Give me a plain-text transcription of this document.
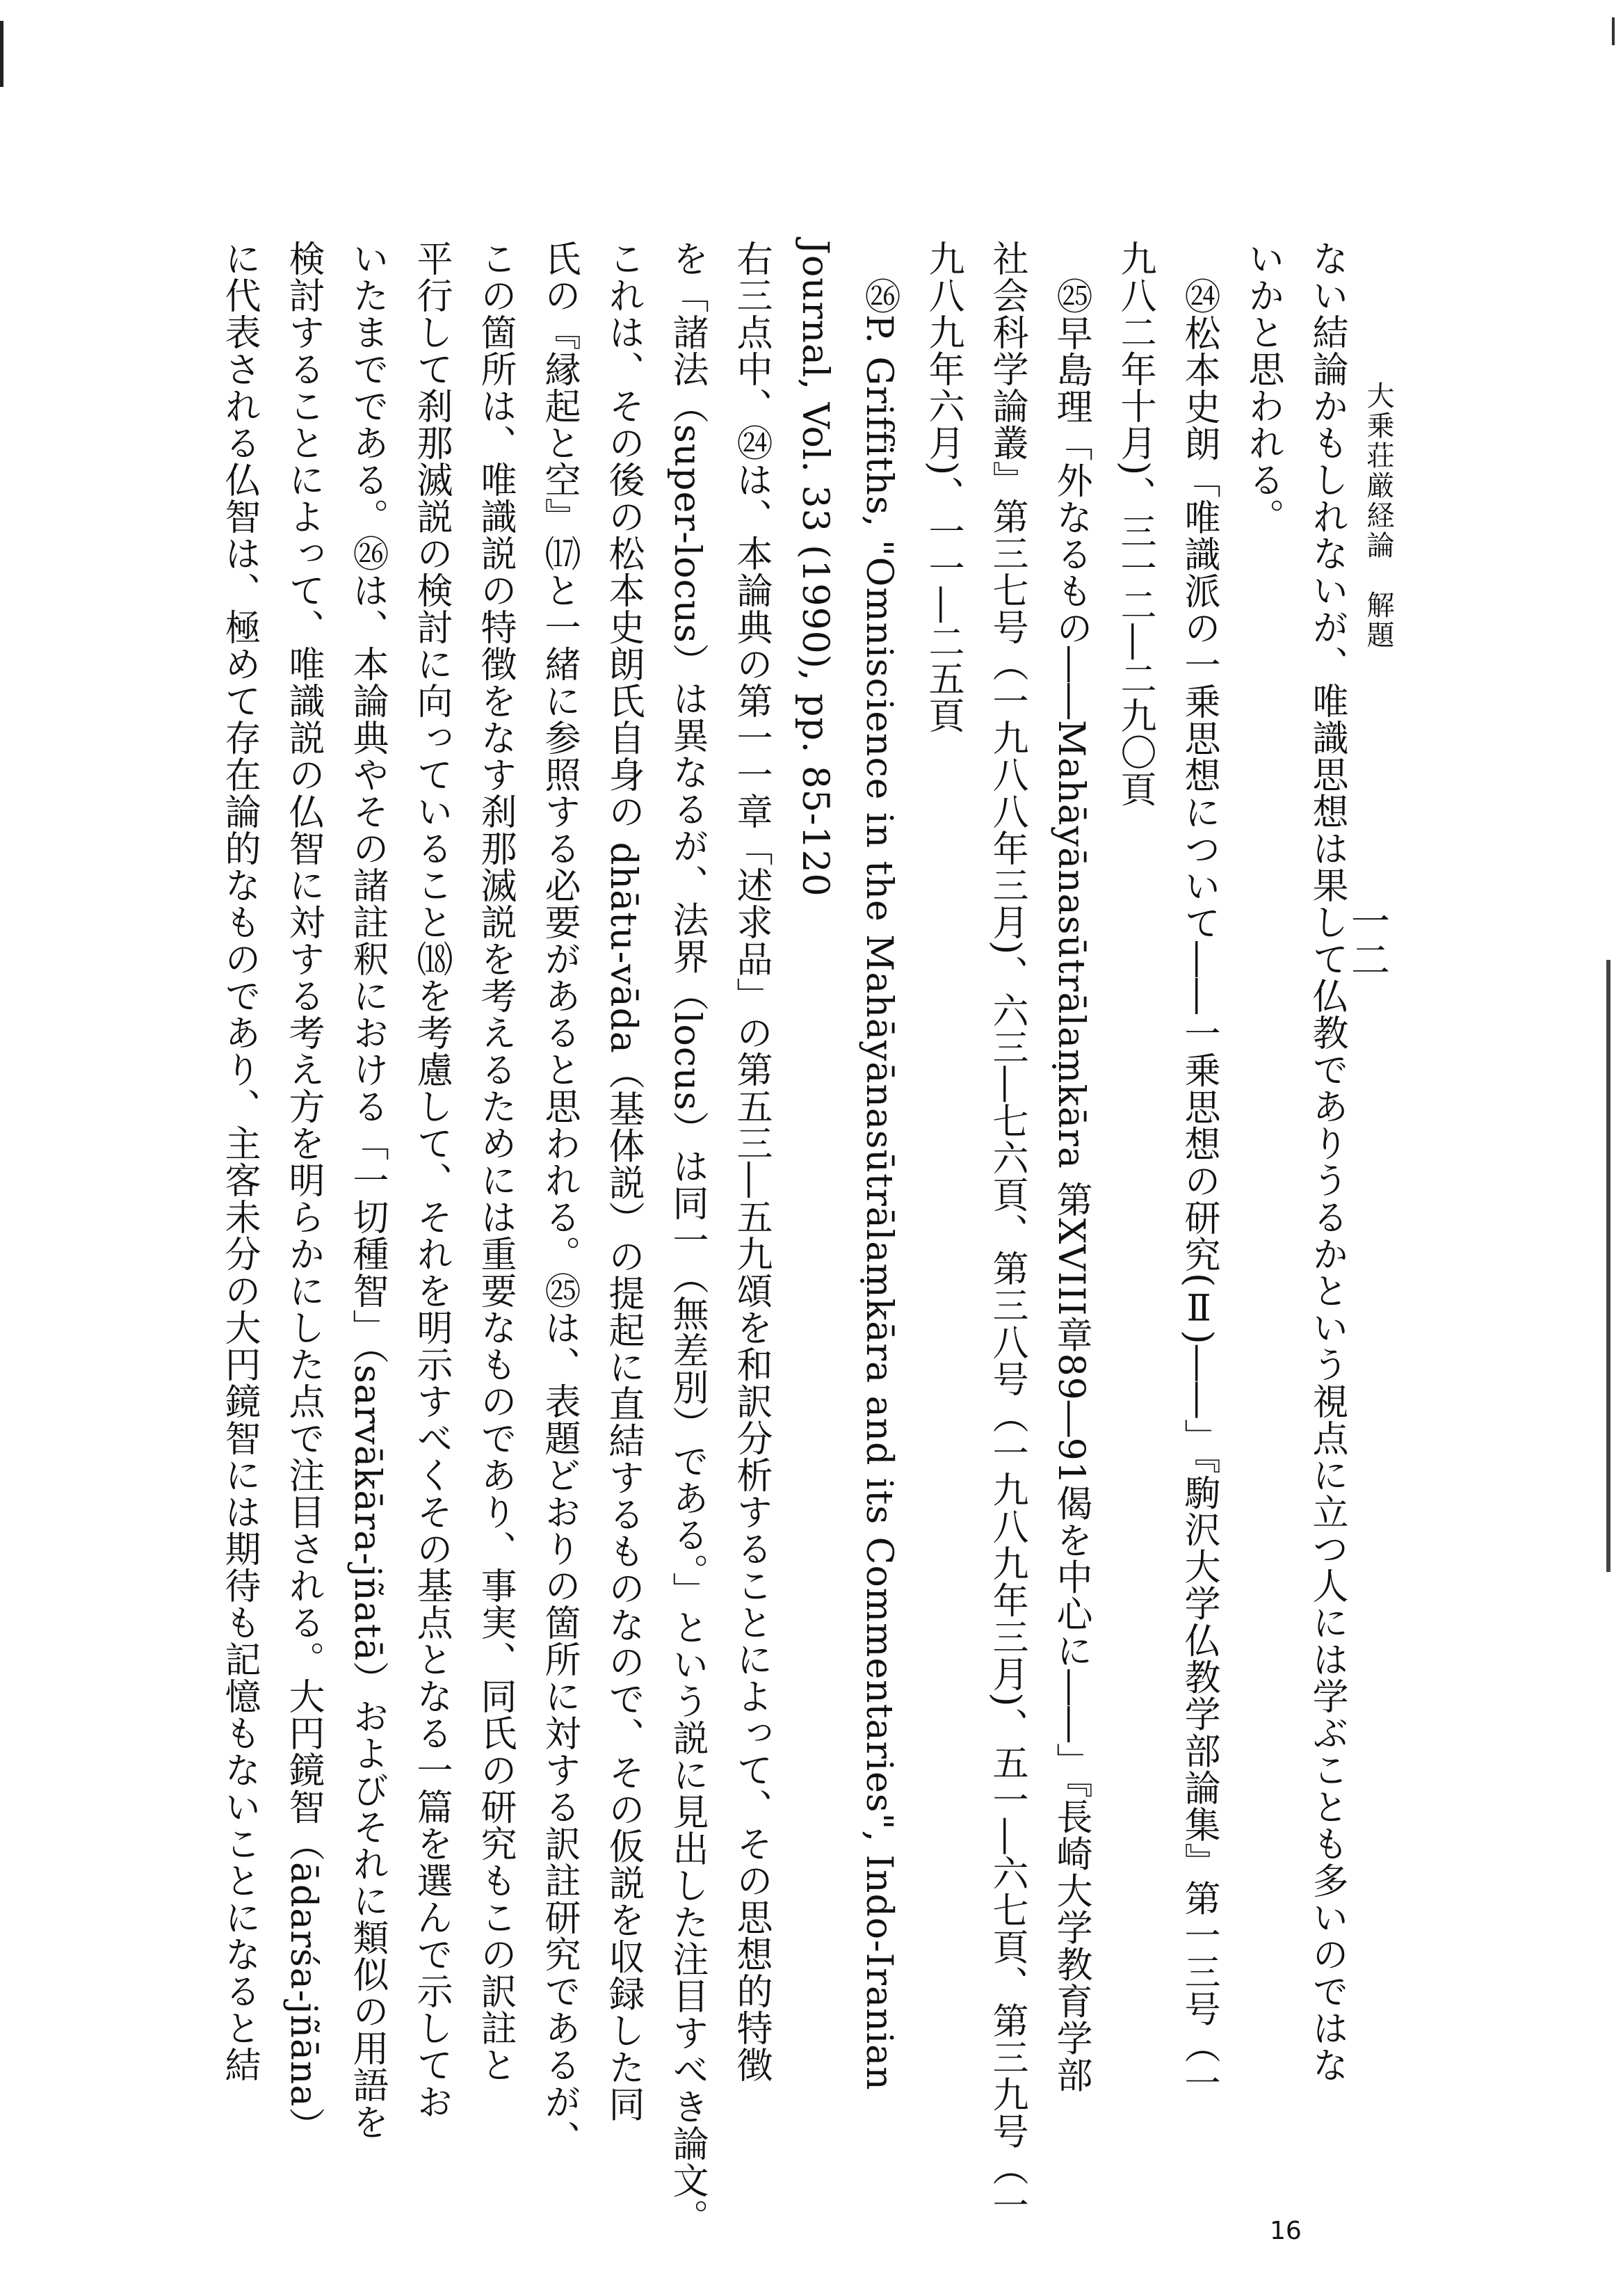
大乗荘厳経論　解題
一二
ない結論かもしれないが、唯識思想は果して仏教でありうるかという視点に立つ人には学ぶことも多いのではな
いかと思われる。
㉔松本史朗「唯識派の一乗思想について――一乗思想の研究(Ⅱ)――」『駒沢大学仏教学部論集』第一三号（一
九八二年十月)、三一二―二九〇頁
㉕早島理「外なるもの――Mahāyānasūtrālaṃkāra 第XVIII章89―91偈を中心に――」『長崎大学教育学部
社会科学論叢』第三七号（一九八八年三月)、六三―七六頁、第三八号（一九八九年三月)、五一―六七頁、第三九号（一
九八九年六月)、一一―二五頁
㉖P. Griffiths, "Omniscience in the Mahāyānasūtrālaṃkāra and its Commentaries", Indo-Iranian
Journal, Vol. 33 (1990), pp. 85-120
右三点中、㉔は、本論典の第一一章「述求品」の第五三―五九頌を和訳分析することによって、その思想的特徴
を「諸法（super-locus）は異なるが、法界（locus）は同一（無差別）である。」という説に見出した注目すべき論文。
これは、その後の松本史朗氏自身の dhātu-vāda（基体説）の提起に直結するものなので、その仮説を収録した同
氏の『縁起と空』⒄と一緒に参照する必要があると思われる。㉕は、表題どおりの箇所に対する訳註研究であるが、
この箇所は、唯識説の特徴をなす刹那滅説を考えるためには重要なものであり、事実、同氏の研究もこの訳註と
平行して刹那滅説の検討に向っていること⒅を考慮して、それを明示すべくその基点となる一篇を選んで示してお
いたまでである。㉖は、本論典やその諸註釈における「一切種智」（sarvākāra-jñatā）およびそれに類似の用語を
検討することによって、唯識説の仏智に対する考え方を明らかにした点で注目される。大円鏡智（ādarśa-jñāna）
に代表される仏智は、極めて存在論的なものであり、主客未分の大円鏡智には期待も記憶もないことになると結
16
